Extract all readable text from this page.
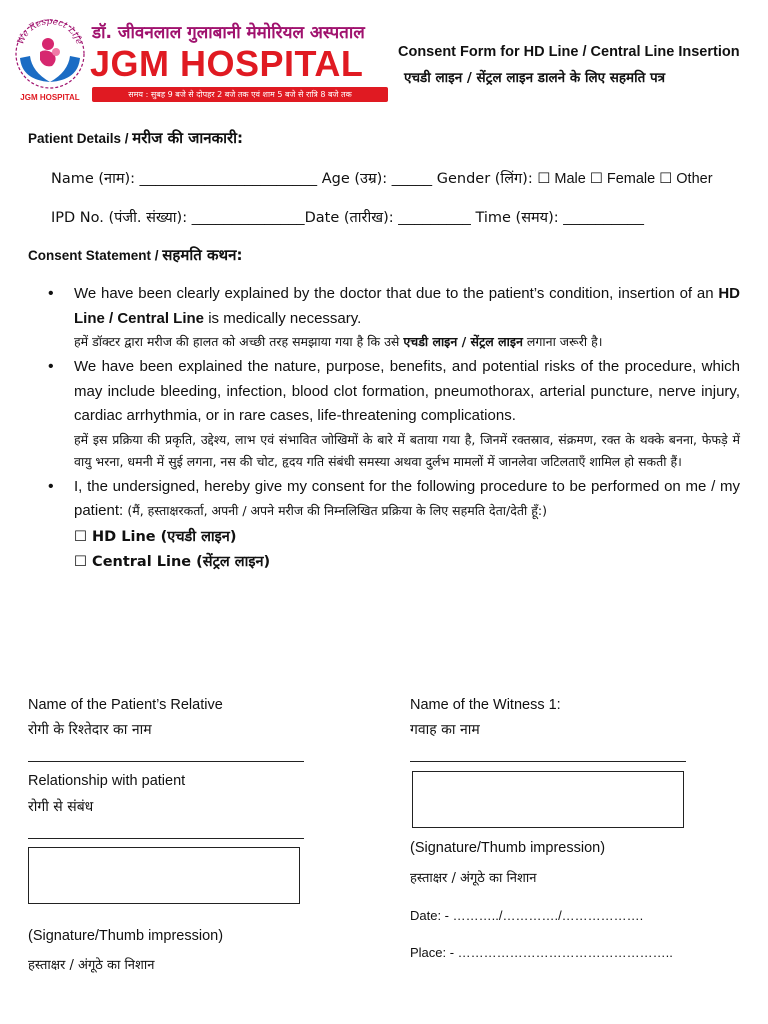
We Respect Life
JGM HOSPITAL
डॉ. जीवनलाल गुलाबानी मेमोरियल अस्पताल
JGM HOSPITAL
समय : सुबह 9 बजे से दोपहर 2 बजे तक एवं शाम 5 बजे से रात्रि 8 बजे तक
Consent Form for HD Line / Central Line Insertion
एचडी लाइन / सेंट्रल लाइन डालने के लिए सहमति पत्र
Patient Details / मरीज की जानकारी:
Name (नाम): ______________________ Age (उम्र): _____ Gender (लिंग): ☐ Male ☐ Female ☐ Other
IPD No. (पंजी. संख्या): ______________Date (तारीख): _________ Time (समय): __________
Consent Statement / सहमति कथन:
• We have been clearly explained by the doctor that due to the patient’s condition, insertion of an HD Line / Central Line is medically necessary.
हमें डॉक्टर द्वारा मरीज की हालत को अच्छी तरह समझाया गया है कि उसे एचडी लाइन / सेंट्रल लाइन लगाना जरूरी है।
• We have been explained the nature, purpose, benefits, and potential risks of the procedure, which may include bleeding, infection, blood clot formation, pneumothorax, arterial puncture, nerve injury, cardiac arrhythmia, or in rare cases, life-threatening complications.
हमें इस प्रक्रिया की प्रकृति, उद्देश्य, लाभ एवं संभावित जोखिमों के बारे में बताया गया है, जिनमें रक्तस्राव, संक्रमण, रक्त के थक्के बनना, फेफड़े में वायु भरना, धमनी में सुई लगना, नस की चोट, हृदय गति संबंधी समस्या अथवा दुर्लभ मामलों में जानलेवा जटिलताएँ शामिल हो सकती हैं।
• I, the undersigned, hereby give my consent for the following procedure to be performed on me / my patient: (मैं, हस्ताक्षरकर्ता, अपनी / अपने मरीज की निम्नलिखित प्रक्रिया के लिए सहमति देता/देती हूँ:)
☐ HD Line (एचडी लाइन)
☐ Central Line (सेंट्रल लाइन)
Name of the Patient’s Relative
रोगी के रिश्तेदार का नाम
Relationship with patient
रोगी से संबंध
(Signature/Thumb impression)
हस्ताक्षर / अंगूठे का निशान
Name of the Witness 1:
गवाह का नाम
(Signature/Thumb impression)
हस्ताक्षर / अंगूठे का निशान
Date: - ………../…………./……………….
Place: - …………………………………………..
